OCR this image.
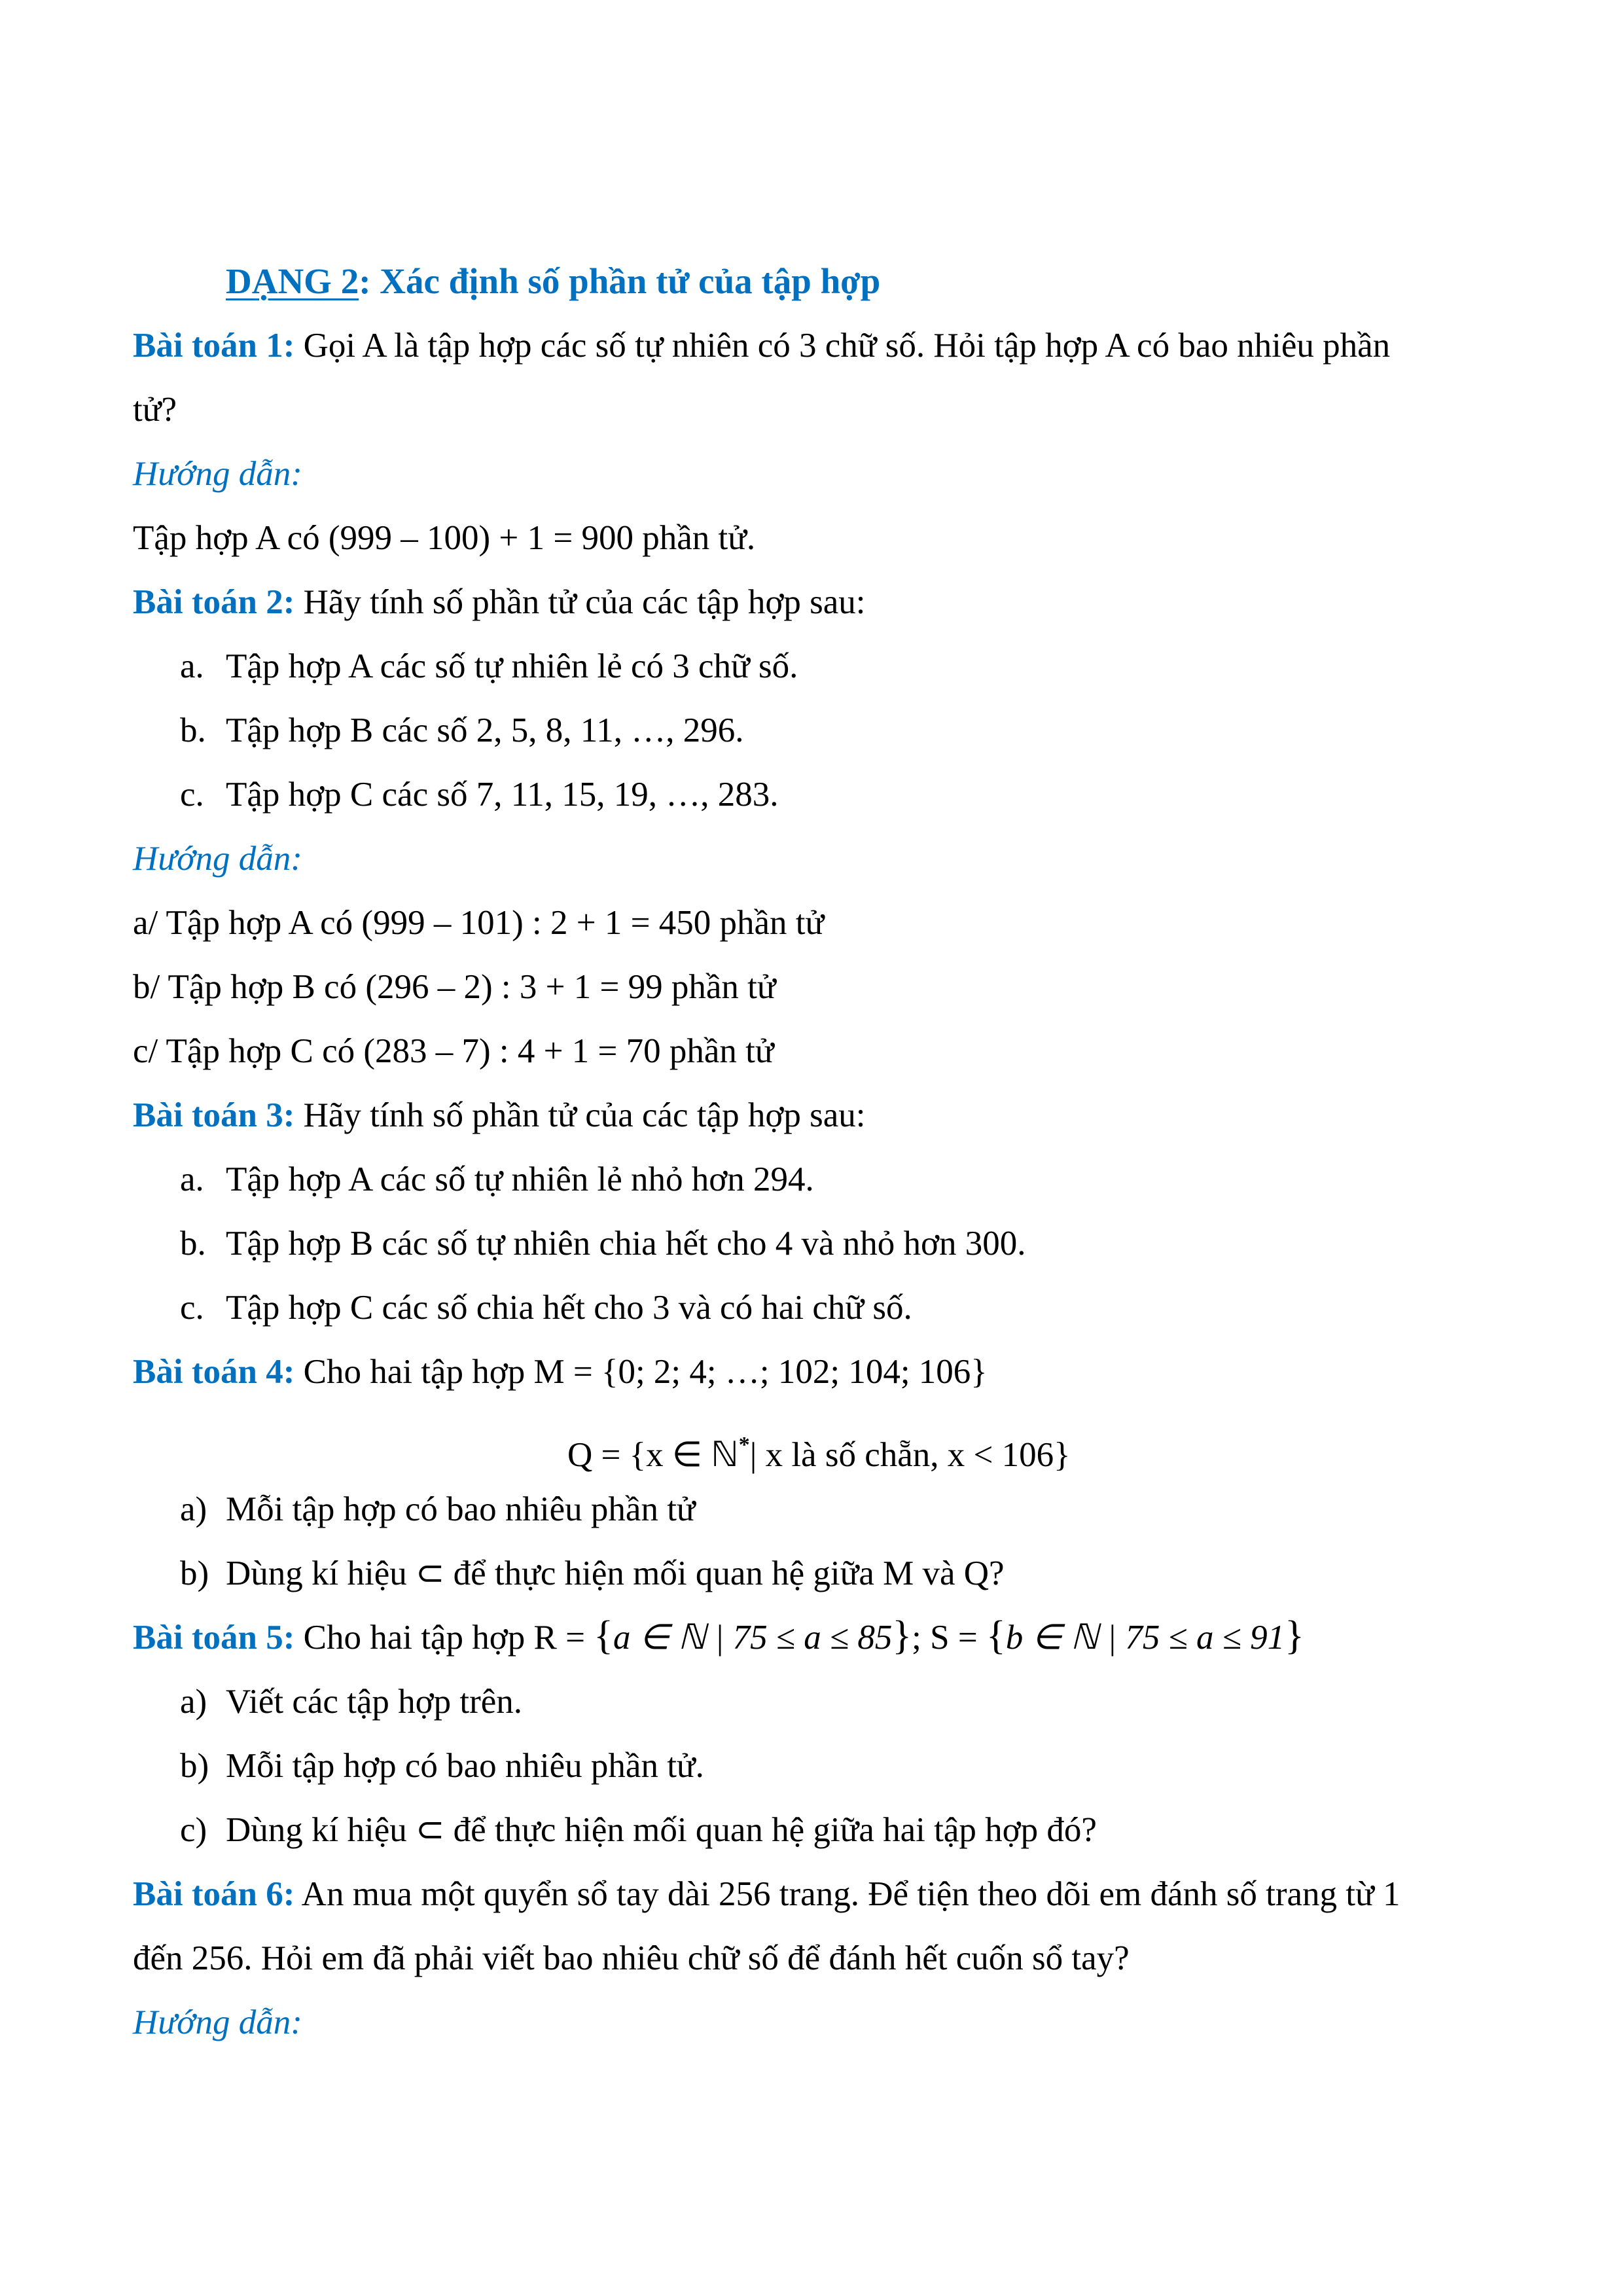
DẠNG 2: Xác định số phần tử của tập hợp
Bài toán 1: Gọi A là tập hợp các số tự nhiên có 3 chữ số. Hỏi tập hợp A có bao nhiêu phần
tử?
Hướng dẫn:
Tập hợp A có (999 – 100) + 1 = 900 phần tử.
Bài toán 2: Hãy tính số phần tử của các tập hợp sau:
a. Tập hợp A các số tự nhiên lẻ có 3 chữ số.
b. Tập hợp B các số 2, 5, 8, 11, …, 296.
c. Tập hợp C các số 7, 11, 15, 19, …, 283.
Hướng dẫn:
a/ Tập hợp A có (999 – 101) : 2 + 1 = 450 phần tử
b/ Tập hợp B có (296 – 2) : 3 + 1 = 99 phần tử
c/ Tập hợp C có (283 – 7) : 4 + 1 = 70 phần tử
Bài toán 3: Hãy tính số phần tử của các tập hợp sau:
a. Tập hợp A các số tự nhiên lẻ nhỏ hơn 294.
b. Tập hợp B các số tự nhiên chia hết cho 4 và nhỏ hơn 300.
c. Tập hợp C các số chia hết cho 3 và có hai chữ số.
Bài toán 4: Cho hai tập hợp M = {0; 2; 4; …; 102; 104; 106}
Q = {x ∈ ℕ*| x là số chẵn, x < 106}
a) Mỗi tập hợp có bao nhiêu phần tử
b) Dùng kí hiệu ⊂ để thực hiện mối quan hệ giữa M và Q?
Bài toán 5: Cho hai tập hợp R = {a ∈ ℕ | 75 ≤ a ≤ 85}; S = {b ∈ ℕ | 75 ≤ a ≤ 91}
a) Viết các tập hợp trên.
b) Mỗi tập hợp có bao nhiêu phần tử.
c) Dùng kí hiệu ⊂ để thực hiện mối quan hệ giữa hai tập hợp đó?
Bài toán 6: An mua một quyển sổ tay dài 256 trang. Để tiện theo dõi em đánh số trang từ 1
đến 256. Hỏi em đã phải viết bao nhiêu chữ số để đánh hết cuốn sổ tay?
Hướng dẫn:
